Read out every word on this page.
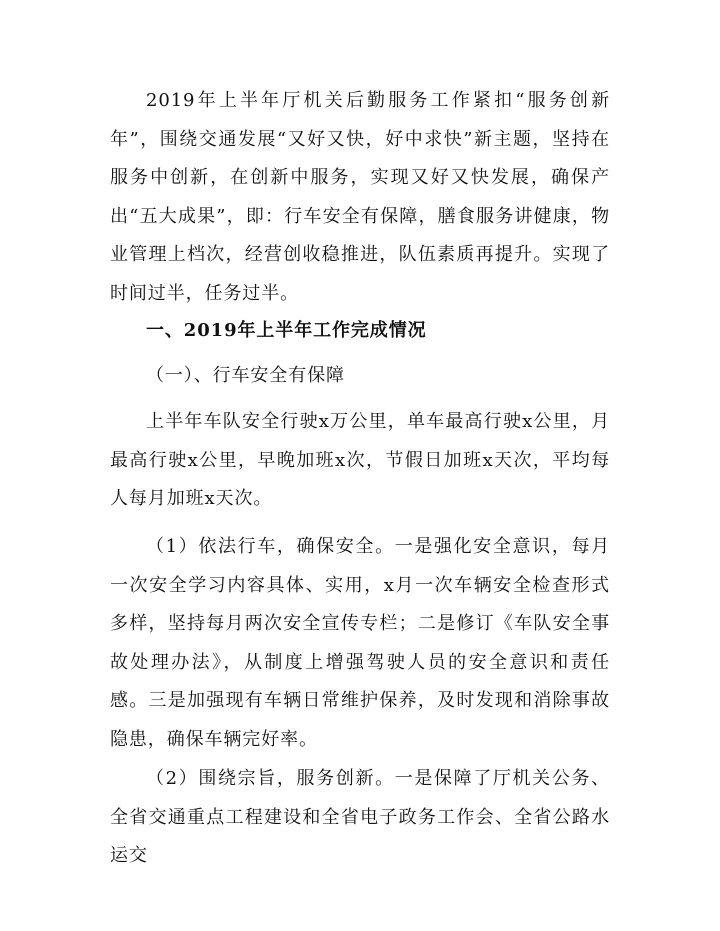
2019年上半年厅机关后勤服务工作紧扣“服务创新年”，围绕交通发展“又好又快，好中求快”新主题，坚持在服务中创新，在创新中服务，实现又好又快发展，确保产出“五大成果”，即：行车安全有保障，膳食服务讲健康，物业管理上档次，经营创收稳推进，队伍素质再提升。实现了时间过半，任务过半。

一、2019年上半年工作完成情况
（一）、行车安全有保障

上半年车队安全行驶x万公里，单车最高行驶x公里，月最高行驶x公里，早晚加班x次，节假日加班x天次，平均每人每月加班x天次。

（1）依法行车，确保安全。一是强化安全意识，每月一次安全学习内容具体、实用，x月一次车辆安全检查形式多样，坚持每月两次安全宣传专栏；二是修订《车队安全事故处理办法》，从制度上增强驾驶人员的安全意识和责任感。三是加强现有车辆日常维护保养，及时发现和消除事故隐患，确保车辆完好率。

（2）围绕宗旨，服务创新。一是保障了厅机关公务、全省交通重点工程建设和全省电子政务工作会、全省公路水运交
